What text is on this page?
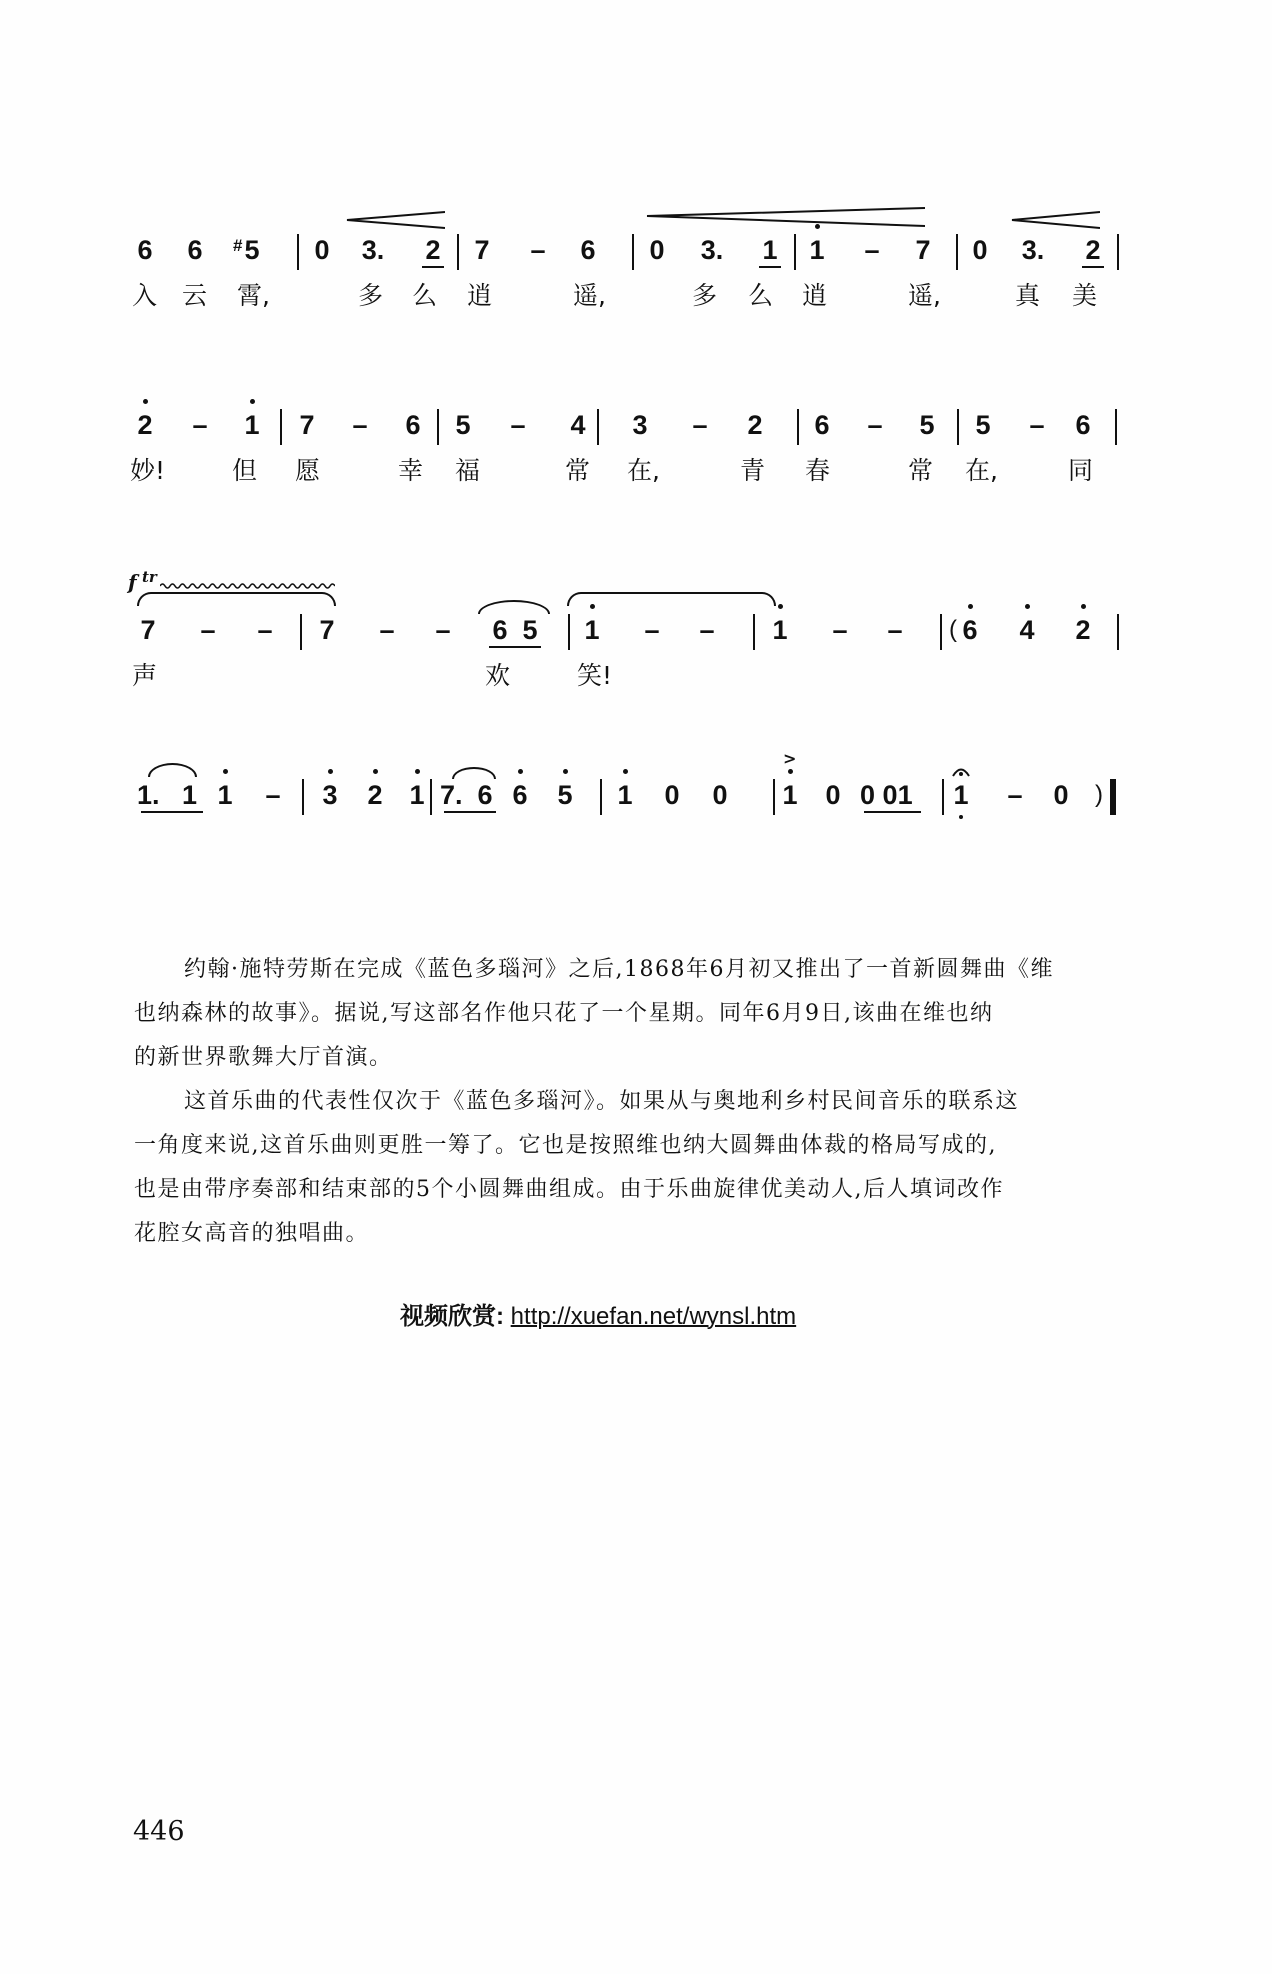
6 6	# 5 0 3. 2 7 – 6 0 3. 1 1 – 7 0 3. 2
入 云 霄,	多 么 逍	遥,	多 么 逍	遥,	真 美
2 – 1 7 – 6 5 – 4 3 – 2 6 – 5 5 – 6
妙!	但 愿	幸 福	常 在,	青 春	常 在,	同
f tr
7 – – 7 – – 6 5 1 – – 1 – –	( 6 4 2
声	欢	笑!
>
1. 1 1 – 3 2 1 7. 6 6 5 1 0 0 1 0 0 01	1 – 0	)

约翰·施特劳斯在完成《蓝色多瑙河》之后,1868年6月初又推出了一首新圆舞曲《维
也纳森林的故事》。据说,写这部名作他只花了一个星期。同年6月9日,该曲在维也纳
的新世界歌舞大厅首演。

这首乐曲的代表性仅次于《蓝色多瑙河》。如果从与奥地利乡村民间音乐的联系这
一角度来说,这首乐曲则更胜一筹了。它也是按照维也纳大圆舞曲体裁的格局写成的,
也是由带序奏部和结束部的5个小圆舞曲组成。由于乐曲旋律优美动人,后人填词改作
花腔女高音的独唱曲。

视频欣赏: http://xuefan.net/wynsl.htm
446
